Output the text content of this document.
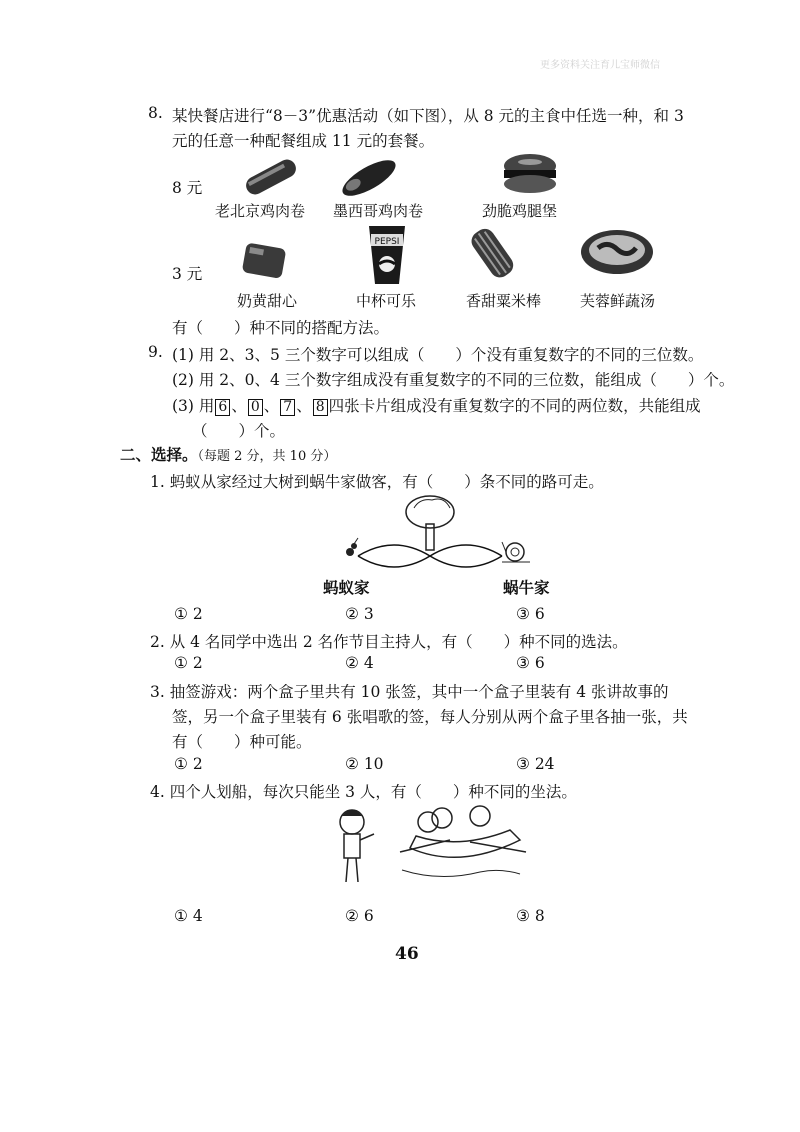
更多资料关注育儿宝师微信
8. 某快餐店进行“8－3”优惠活动（如下图），从 8 元的主食中任选一种，和 3
元的任意一种配餐组成 11 元的套餐。
8 元
老北京鸡肉卷 墨西哥鸡肉卷	劲脆鸡腿堡
3 元
PEPSI
奶黄甜心	中杯可乐	香甜粟米棒	芙蓉鲜蔬汤
有（　　）种不同的搭配方法。
9. (1) 用 2、3、5 三个数字可以组成（　　）个没有重复数字的不同的三位数。
(2) 用 2、0、4 三个数字组成没有重复数字的不同的三位数，能组成（　　）个。
(3) 用 6 、 0 、 7 、 8 四张卡片组成没有重复数字的不同的两位数，共能组成
（　　）个。
二、选择。（每题 2 分，共 10 分）
1. 蚂蚁从家经过大树到蜗牛家做客，有（　　）条不同的路可走。
蚂蚁家	蜗牛家
① 2	② 3	③ 6
2. 从 4 名同学中选出 2 名作节目主持人，有（　　）种不同的选法。
① 2	② 4	③ 6
3. 抽签游戏：两个盒子里共有 10 张签，其中一个盒子里装有 4 张讲故事的
签，另一个盒子里装有 6 张唱歌的签，每人分别从两个盒子里各抽一张，共
有（　　）种可能。
① 2	② 10	③ 24
4. 四个人划船，每次只能坐 3 人，有（　　）种不同的坐法。
① 4	② 6	③ 8
46
